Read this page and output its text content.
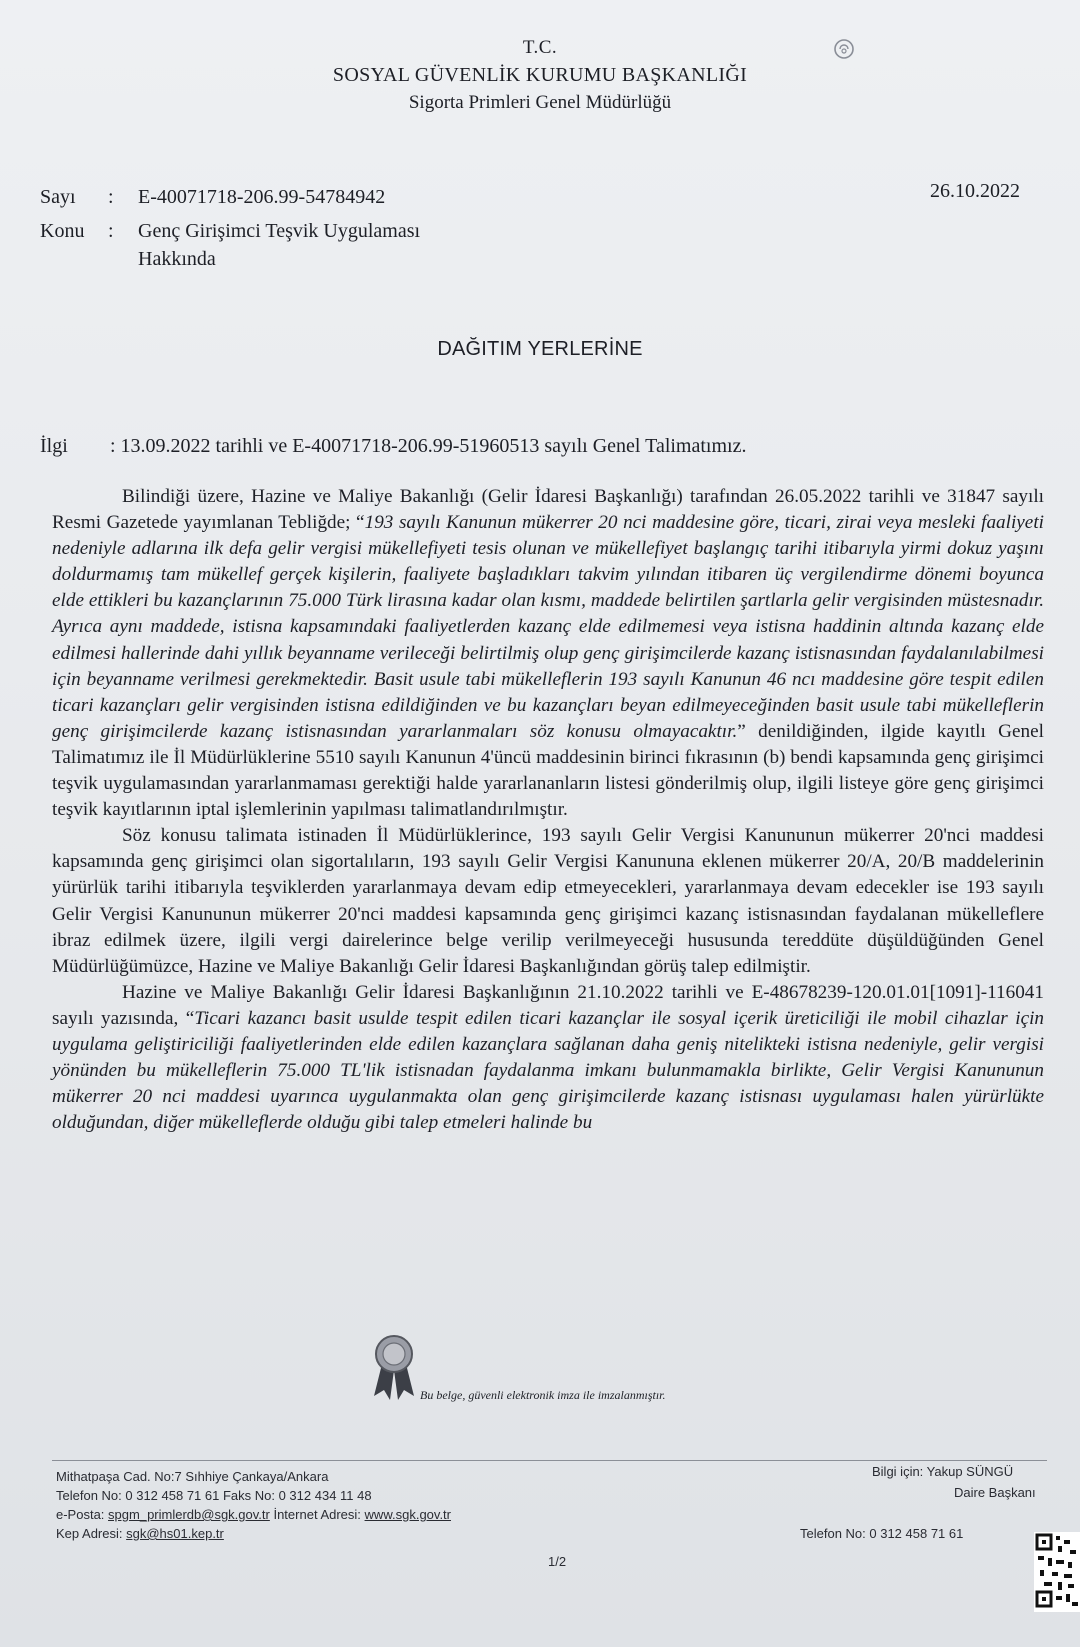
T.C.
SOSYAL GÜVENLİK KURUMU BAŞKANLIĞI
Sigorta Primleri Genel Müdürlüğü
26.10.2022
Sayı : E-40071718-206.99-54784942
Konu : Genç Girişimci Teşvik Uygulaması
Hakkında
DAĞITIM YERLERİNE
İlgi : 13.09.2022 tarihli ve E-40071718-206.99-51960513 sayılı Genel Talimatımız.

Bilindiği üzere, Hazine ve Maliye Bakanlığı (Gelir İdaresi Başkanlığı) tarafından 26.05.2022 tarihli ve 31847 sayılı Resmi Gazetede yayımlanan Tebliğde; “193 sayılı Kanunun mükerrer 20 nci maddesine göre, ticari, zirai veya mesleki faaliyeti nedeniyle adlarına ilk defa gelir vergisi mükellefiyeti tesis olunan ve mükellefiyet başlangıç tarihi itibarıyla yirmi dokuz yaşını doldurmamış tam mükellef gerçek kişilerin, faaliyete başladıkları takvim yılından itibaren üç vergilendirme dönemi boyunca elde ettikleri bu kazançlarının 75.000 Türk lirasına kadar olan kısmı, maddede belirtilen şartlarla gelir vergisinden müstesnadır. Ayrıca aynı maddede, istisna kapsamındaki faaliyetlerden kazanç elde edilmemesi veya istisna haddinin altında kazanç elde edilmesi hallerinde dahi yıllık beyanname verileceği belirtilmiş olup genç girişimcilerde kazanç istisnasından faydalanılabilmesi için beyanname verilmesi gerekmektedir. Basit usule tabi mükelleflerin 193 sayılı Kanunun 46 ncı maddesine göre tespit edilen ticari kazançları gelir vergisinden istisna edildiğinden ve bu kazançları beyan edilmeyeceğinden basit usule tabi mükelleflerin genç girişimcilerde kazanç istisnasından yararlanmaları söz konusu olmayacaktır.” denildiğinden, ilgide kayıtlı Genel Talimatımız ile İl Müdürlüklerine 5510 sayılı Kanunun 4'üncü maddesinin birinci fıkrasının (b) bendi kapsamında genç girişimci teşvik uygulamasından yararlanmaması gerektiği halde yararlananların listesi gönderilmiş olup, ilgili listeye göre genç girişimci teşvik kayıtlarının iptal işlemlerinin yapılması talimatlandırılmıştır.

Söz konusu talimata istinaden İl Müdürlüklerince, 193 sayılı Gelir Vergisi Kanununun mükerrer 20'nci maddesi kapsamında genç girişimci olan sigortalıların, 193 sayılı Gelir Vergisi Kanununa eklenen mükerrer 20/A, 20/B maddelerinin yürürlük tarihi itibarıyla teşviklerden yararlanmaya devam edip etmeyecekleri, yararlanmaya devam edecekler ise 193 sayılı Gelir Vergisi Kanununun mükerrer 20'nci maddesi kapsamında genç girişimci kazanç istisnasından faydalanan mükelleflere ibraz edilmek üzere, ilgili vergi dairelerince belge verilip verilmeyeceği hususunda tereddüte düşüldüğünden Genel Müdürlüğümüzce, Hazine ve Maliye Bakanlığı Gelir İdaresi Başkanlığından görüş talep edilmiştir.

Hazine ve Maliye Bakanlığı Gelir İdaresi Başkanlığının 21.10.2022 tarihli ve E-48678239-120.01.01[1091]-116041 sayılı yazısında, “Ticari kazancı basit usulde tespit edilen ticari kazançlar ile sosyal içerik üreticiliği ile mobil cihazlar için uygulama geliştiriciliği faaliyetlerinden elde edilen kazançlara sağlanan daha geniş nitelikteki istisna nedeniyle, gelir vergisi yönünden bu mükelleflerin 75.000 TL'lik istisnadan faydalanma imkanı bulunmamakla birlikte, Gelir Vergisi Kanununun mükerrer 20 nci maddesi uyarınca uygulanmakta olan genç girişimcilerde kazanç istisnası uygulaması halen yürürlükte olduğundan, diğer mükelleflerde olduğu gibi talep etmeleri halinde bu

Bu belge, güvenli elektronik imza ile imzalanmıştır.
Mithatpaşa Cad. No:7 Sıhhiye Çankaya/Ankara
Telefon No: 0 312 458 71 61 Faks No: 0 312 434 11 48
e-Posta: spgm_primlerdb@sgk.gov.tr İnternet Adresi: www.sgk.gov.tr
Kep Adresi: sgk@hs01.kep.tr
Bilgi için: Yakup SÜNGÜ
Daire Başkanı
Telefon No: 0 312 458 71 61
1/2
